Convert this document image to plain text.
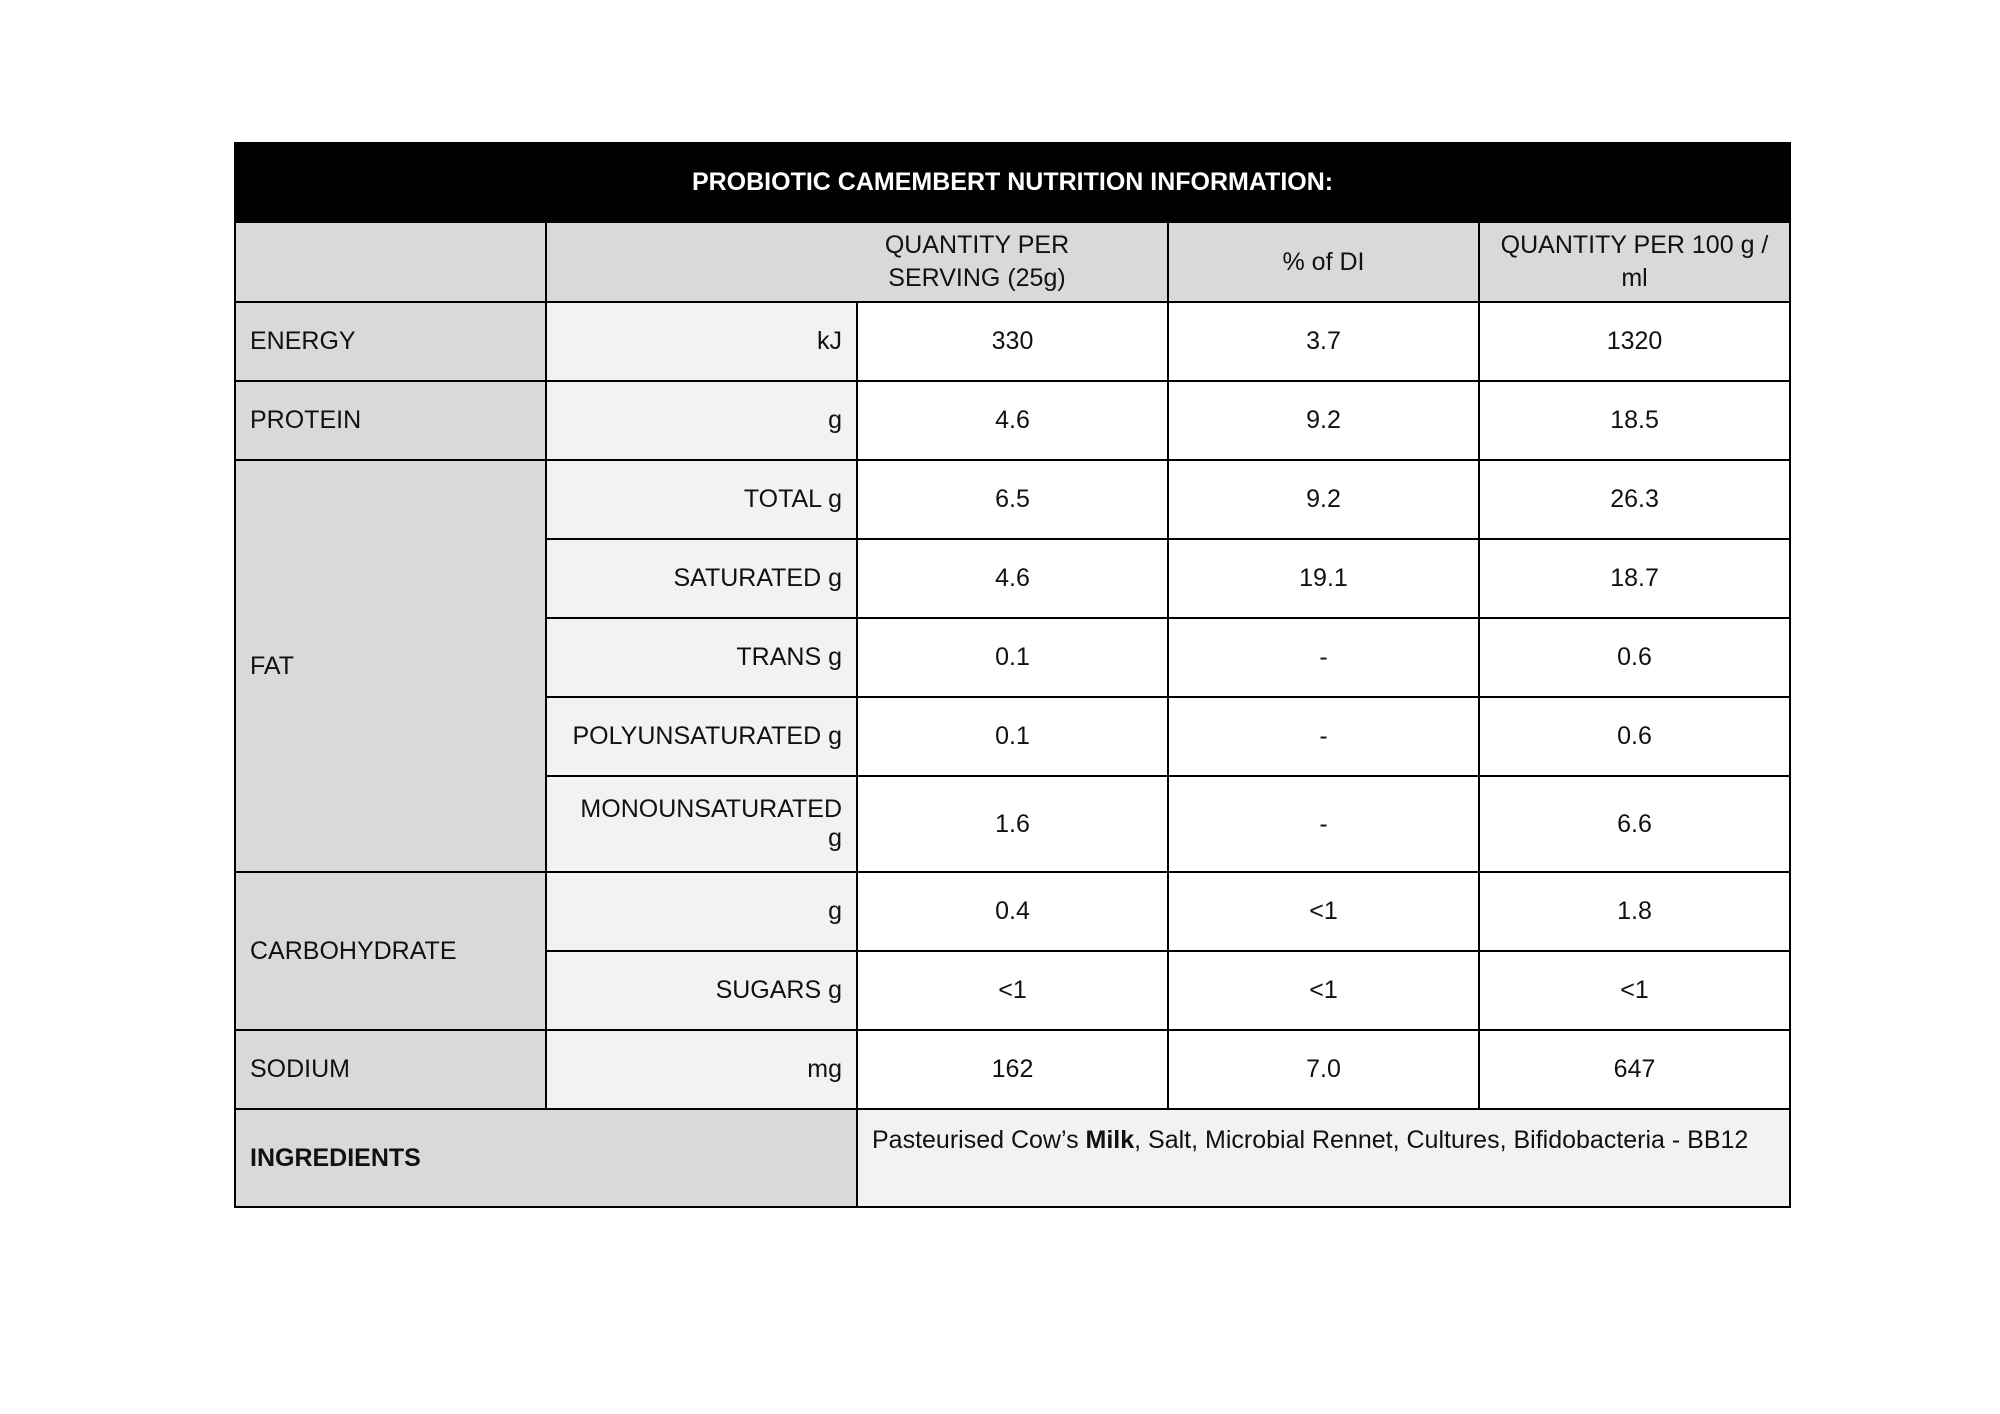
PROBIOTIC CAMEMBERT NUTRITION INFORMATION:				
	QUANTITY PER SERVING (25g)		% of DI	QUANTITY PER 100 g / ml
ENERGY	kJ	330	3.7	1320
PROTEIN	g	4.6	9.2	18.5
FAT	TOTAL g	6.5	9.2	26.3
	SATURATED g	4.6	19.1	18.7
	TRANS g	0.1	-	0.6
	POLYUNSATURATED g	0.1	-	0.6
	MONOUNSATURATED g	1.6	-	6.6
CARBOHYDRATE	g	0.4	<1	1.8
	SUGARS g	<1	<1	<1
SODIUM	mg	162	7.0	647
INGREDIENTS		Pasteurised Cow’s Milk, Salt, Microbial Rennet, Cultures, Bifidobacteria - BB12		
